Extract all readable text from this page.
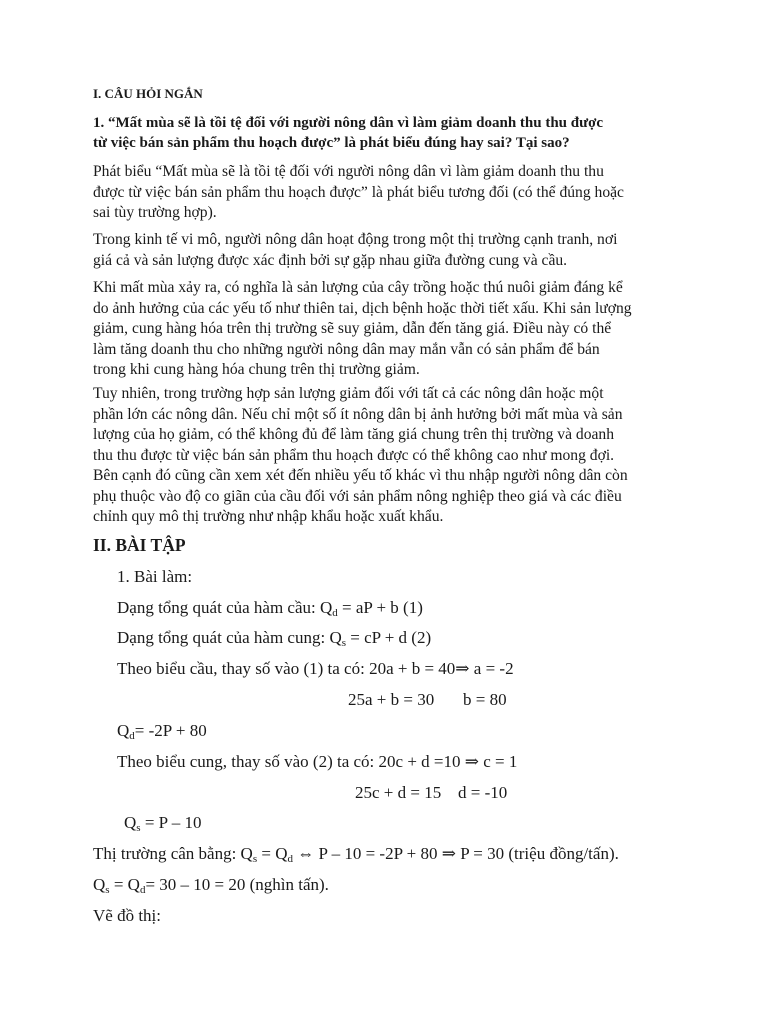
I. CÂU HỎI NGẮN
1. “Mất mùa sẽ là tồi tệ đối với người nông dân vì làm giảm doanh thu thu được
từ việc bán sản phẩm thu hoạch được” là phát biểu đúng hay sai? Tại sao?
Phát biểu “Mất mùa sẽ là tồi tệ đối với người nông dân vì làm giảm doanh thu thu
được từ việc bán sản phẩm thu hoạch được” là phát biểu tương đối (có thể đúng hoặc
sai tùy trường hợp).
Trong kinh tế vi mô, người nông dân hoạt động trong một thị trường cạnh tranh, nơi
giá cả và sản lượng được xác định bởi sự gặp nhau giữa đường cung và cầu.
Khi mất mùa xảy ra, có nghĩa là sản lượng của cây trồng hoặc thú nuôi giảm đáng kể
do ảnh hưởng của các yếu tố như thiên tai, dịch bệnh hoặc thời tiết xấu. Khi sản lượng
giảm, cung hàng hóa trên thị trường sẽ suy giảm, dẫn đến tăng giá. Điều này có thể
làm tăng doanh thu cho những người nông dân may mắn vẫn có sản phẩm để bán
trong khi cung hàng hóa chung trên thị trường giảm.
Tuy nhiên, trong trường hợp sản lượng giảm đối với tất cả các nông dân hoặc một
phần lớn các nông dân. Nếu chỉ một số ít nông dân bị ảnh hưởng bởi mất mùa và sản
lượng của họ giảm, có thể không đủ để làm tăng giá chung trên thị trường và doanh
thu thu được từ việc bán sản phẩm thu hoạch được có thể không cao như mong đợi.
Bên cạnh đó cũng cần xem xét đến nhiều yếu tố khác vì thu nhập người nông dân còn
phụ thuộc vào độ co giãn của cầu đối với sản phẩm nông nghiệp theo giá và các điều
chỉnh quy mô thị trường như nhập khẩu hoặc xuất khẩu.
II. BÀI TẬP
1. Bài làm:
Dạng tổng quát của hàm cầu: $Q_d$ = aP + b (1)
Dạng tổng quát của hàm cung: $Q_s$ = cP + d (2)
Theo biểu cầu, thay số vào (1) ta có: 20a + b = 40⇒ a = -2
25a + b = 30 b = 80
$Q_d= -2P + 80$
Theo biểu cung, thay số vào (2) ta có: 20c + d =10 ⇒ c = 1
25c + d = 15 d = -10
$Q_s = P - 10$
Thị trường cân bằng: $Q_s = Q_d$ ⇔ P – 10 = -2P + 80 ⇒ P = 30 (triệu đồng/tấn).
$Q_s = Q_d= 30 - 10 = 20$ (nghìn tấn).
Vẽ đồ thị:
